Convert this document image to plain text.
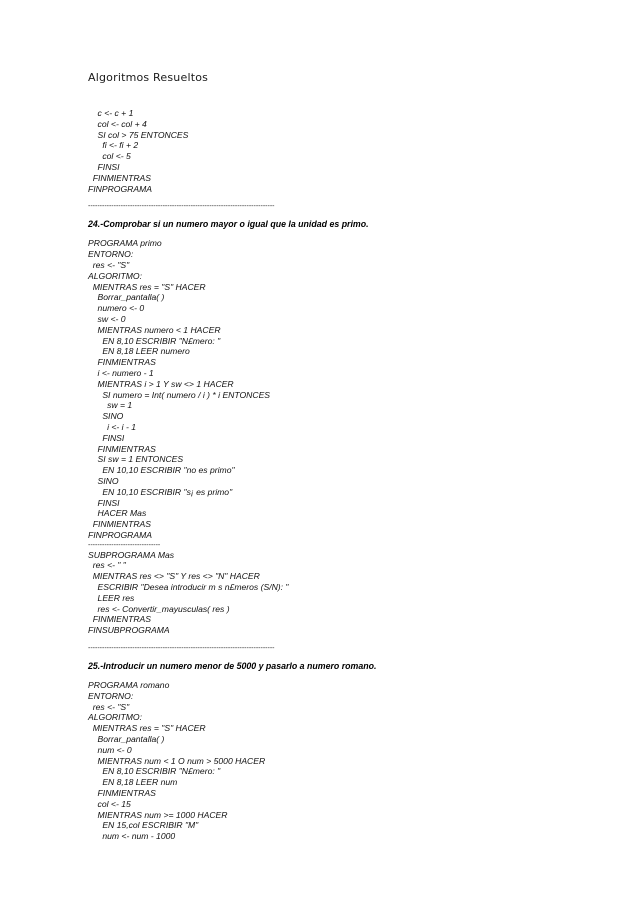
Algoritmos Resueltos
c <- c + 1
col <- col + 4
SI col > 75 ENTONCES
fi <- fi + 2
col <- 5
FINSI
FINMIENTRAS
FINPROGRAMA
--------------------------------------------------------------------------------
24.-Comprobar si un numero mayor o igual que la unidad es primo.
PROGRAMA primo
ENTORNO:
res <- "S"
ALGORITMO:
MIENTRAS res = "S" HACER
Borrar_pantalla( )
numero <- 0
sw <- 0
MIENTRAS numero < 1 HACER
EN 8,10 ESCRIBIR "N£mero: "
EN 8,18 LEER numero
FINMIENTRAS
i <- numero - 1
MIENTRAS i > 1 Y sw <> 1 HACER
SI numero = Int( numero / i ) * i ENTONCES
sw = 1
SINO
i <- i - 1
FINSI
FINMIENTRAS
SI sw = 1 ENTONCES
EN 10,10 ESCRIBIR "no es primo"
SINO
EN 10,10 ESCRIBIR "s¡ es primo"
FINSI
HACER Mas
FINMIENTRAS
FINPROGRAMA
-------------------------------
SUBPROGRAMA Mas
res <- " "
MIENTRAS res <> "S" Y res <> "N" HACER
ESCRIBIR "Desea introducir m s n£meros (S/N): "
LEER res
res <- Convertir_mayusculas( res )
FINMIENTRAS
FINSUBPROGRAMA
--------------------------------------------------------------------------------
25.-Introducir un numero menor de 5000 y pasarlo a numero romano.
PROGRAMA romano
ENTORNO:
res <- "S"
ALGORITMO:
MIENTRAS res = "S" HACER
Borrar_pantalla( )
num <- 0
MIENTRAS num < 1 O num > 5000 HACER
EN 8,10 ESCRIBIR "N£mero: "
EN 8,18 LEER num
FINMIENTRAS
col <- 15
MIENTRAS num >= 1000 HACER
EN 15,col ESCRIBIR "M"
num <- num - 1000
